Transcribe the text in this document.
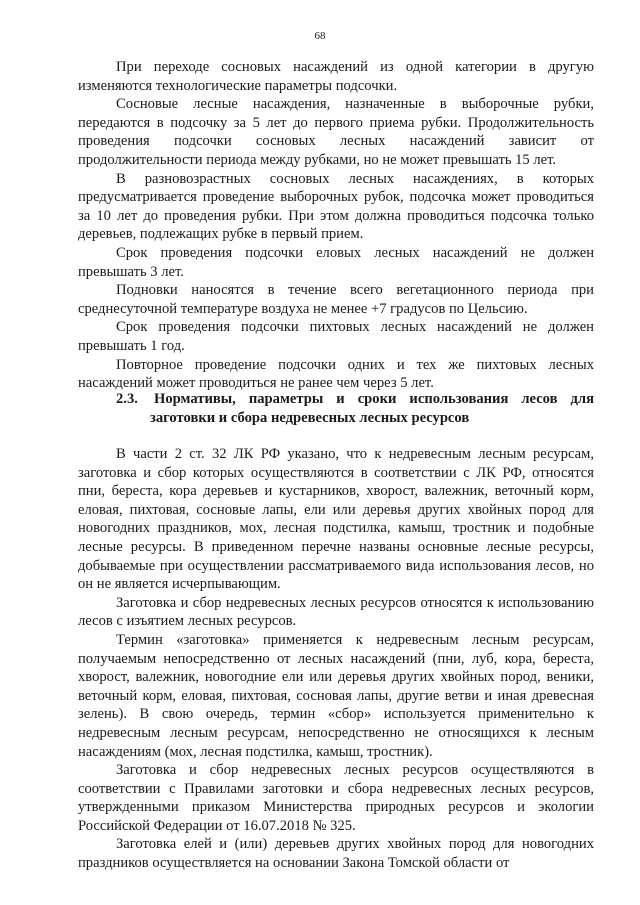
68

При переходе сосновых насаждений из одной категории в другую изменяются технологические параметры подсочки.

Сосновые лесные насаждения, назначенные в выборочные рубки, передаются в подсочку за 5 лет до первого приема рубки. Продолжительность проведения подсочки сосновых лесных насаждений зависит от продолжительности периода между рубками, но не может превышать 15 лет.

В разновозрастных сосновых лесных насаждениях, в которых предусматривается проведение выборочных рубок, подсочка может проводиться за 10 лет до проведения рубки. При этом должна проводиться подсочка только деревьев, подлежащих рубке в первый прием.

Срок проведения подсочки еловых лесных насаждений не должен превышать 3 лет.

Подновки наносятся в течение всего вегетационного периода при среднесуточной температуре воздуха не менее +7 градусов по Цельсию.

Срок проведения подсочки пихтовых лесных насаждений не должен превышать 1 год.

Повторное проведение подсочки одних и тех же пихтовых лесных насаждений может проводиться не ранее чем через 5 лет.

2.3.	Нормативы, параметры и сроки использования лесов для
заготовки и сбора недревесных лесных ресурсов

В части 2 ст. 32 ЛК РФ указано, что к недревесным лесным ресурсам, заготовка и сбор которых осуществляются в соответствии с ЛК РФ, относятся пни, береста, кора деревьев и кустарников, хворост, валежник, веточный корм, еловая, пихтовая, сосновые лапы, ели или деревья других хвойных пород для новогодних праздников, мох, лесная подстилка, камыш, тростник и подобные лесные ресурсы. В приведенном перечне названы основные лесные ресурсы, добываемые при осуществлении рассматриваемого вида использования лесов, но он не является исчерпывающим.

Заготовка и сбор недревесных лесных ресурсов относятся к использованию лесов с изъятием лесных ресурсов.

Термин «заготовка» применяется к недревесным лесным ресурсам, получаемым непосредственно от лесных насаждений (пни, луб, кора, береста, хворост, валежник, новогодние ели или деревья других хвойных пород, веники, веточный корм, еловая, пихтовая, сосновая лапы, другие ветви и иная древесная зелень). В свою очередь, термин «сбор» используется применительно к недревесным лесным ресурсам, непосредственно не относящихся к лесным насаждениям (мох, лесная подстилка, камыш, тростник).

Заготовка и сбор недревесных лесных ресурсов осуществляются в соответствии с Правилами заготовки и сбора недревесных лесных ресурсов, утвержденными приказом Министерства природных ресурсов и экологии Российской Федерации от 16.07.2018 № 325.

Заготовка елей и (или) деревьев других хвойных пород для новогодних праздников осуществляется на основании Закона Томской области от
